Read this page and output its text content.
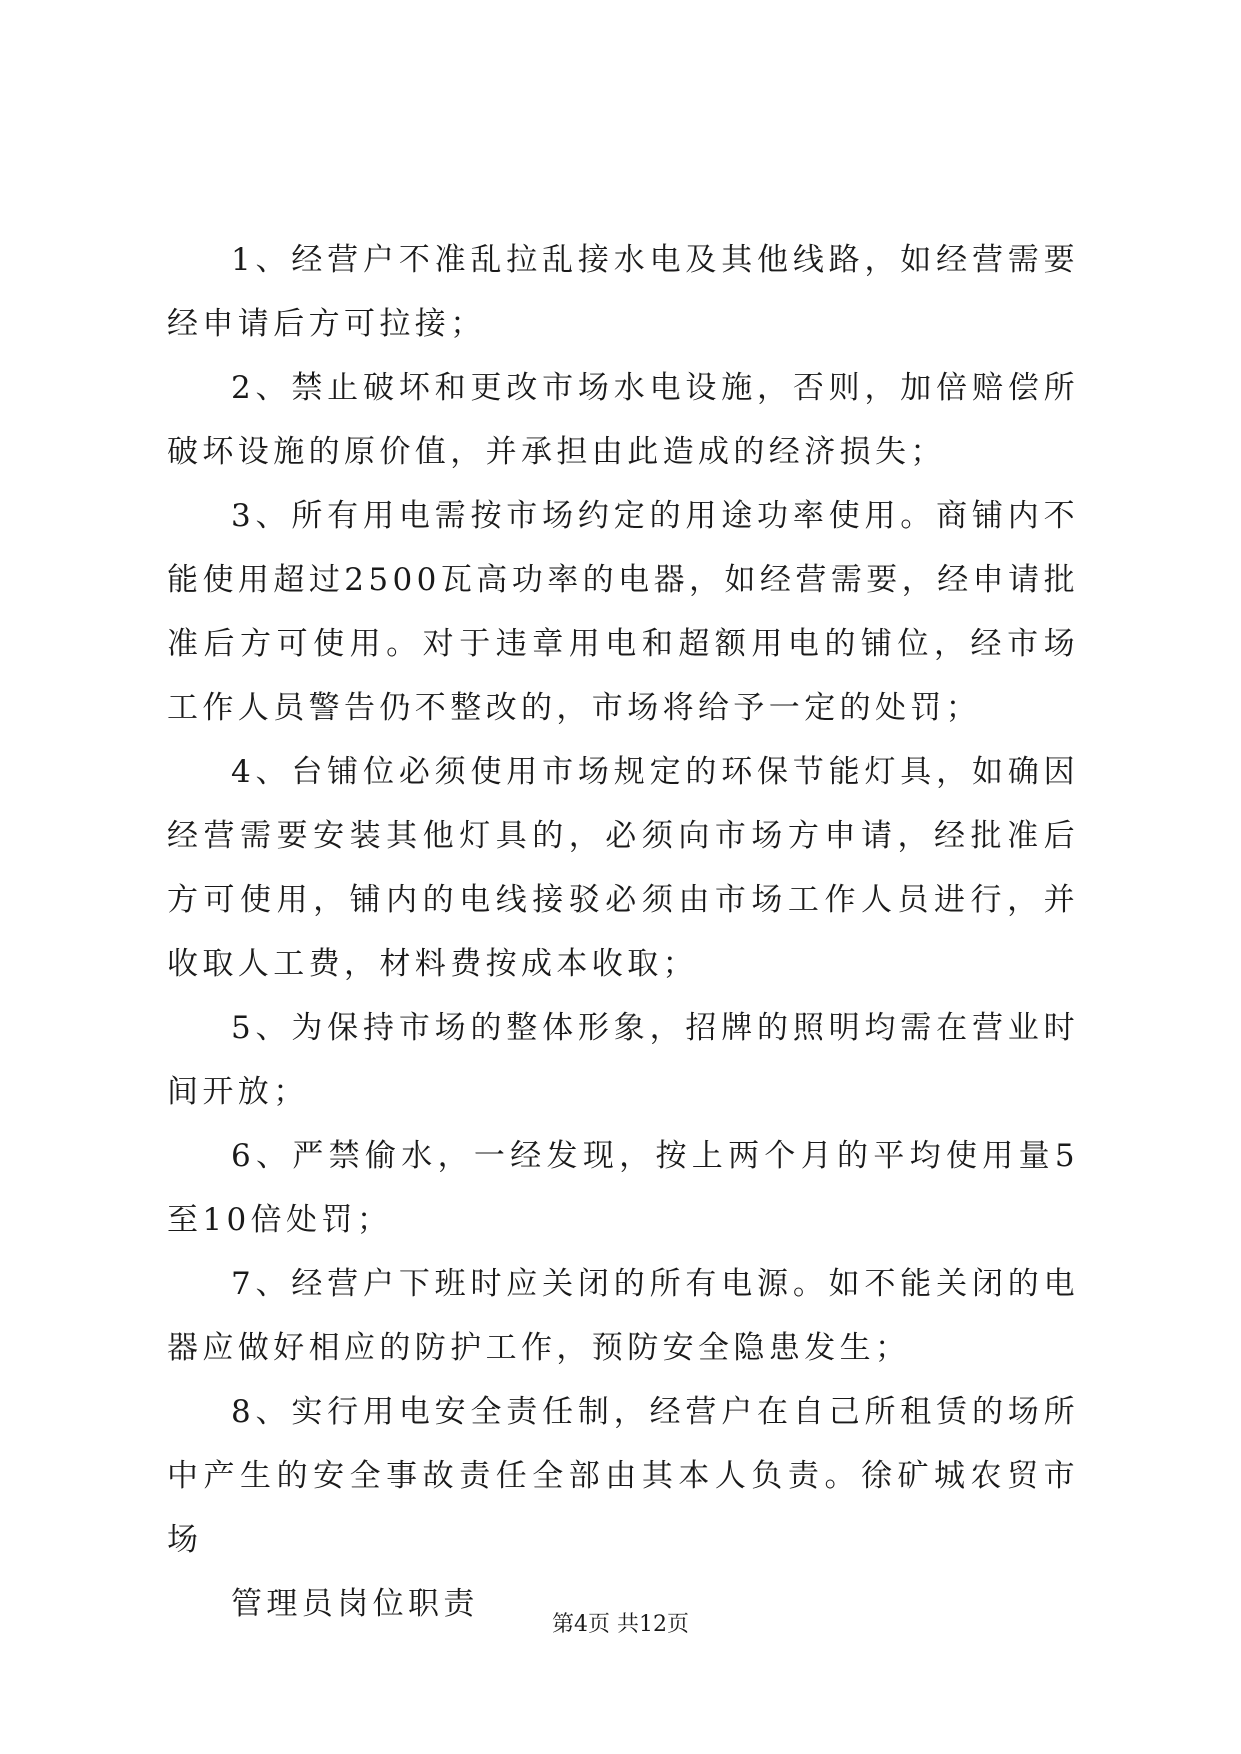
1、经营户不准乱拉乱接水电及其他线路，如经营需要经申请后方可拉接；

2、禁止破坏和更改市场水电设施，否则，加倍赔偿所破坏设施的原价值，并承担由此造成的经济损失；

3、所有用电需按市场约定的用途功率使用。商铺内不能使用超过2500瓦高功率的电器，如经营需要，经申请批准后方可使用。对于违章用电和超额用电的铺位，经市场工作人员警告仍不整改的，市场将给予一定的处罚；

4、台铺位必须使用市场规定的环保节能灯具，如确因经营需要安装其他灯具的，必须向市场方申请，经批准后方可使用，铺内的电线接驳必须由市场工作人员进行，并收取人工费，材料费按成本收取；

5、为保持市场的整体形象，招牌的照明均需在营业时间开放；

6、严禁偷水，一经发现，按上两个月的平均使用量5至10倍处罚；

7、经营户下班时应关闭的所有电源。如不能关闭的电器应做好相应的防护工作，预防安全隐患发生；

8、实行用电安全责任制，经营户在自己所租赁的场所中产生的安全事故责任全部由其本人负责。徐矿城农贸市场

管理员岗位职责

第4页 共12页
